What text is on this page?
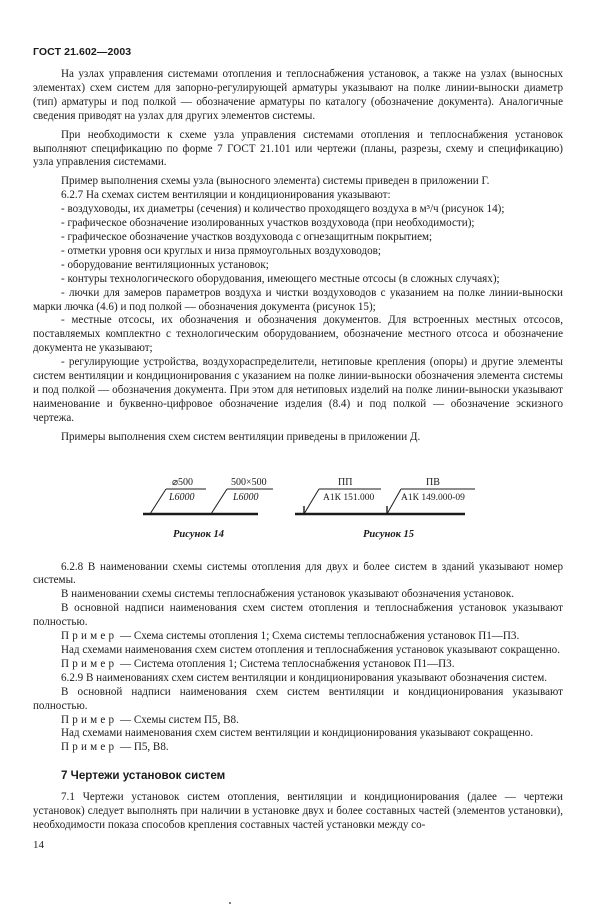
ГОСТ 21.602—2003

На узлах управления системами отопления и теплоснабжения установок, а также на узлах (выносных элементах) схем систем для запорно-регулирующей арматуры указывают на полке линии-выноски диаметр (тип) арматуры и под полкой — обозначение арматуры по каталогу (обозначение документа). Аналогичные сведения приводят на узлах для других элементов системы.

При необходимости к схеме узла управления системами отопления и теплоснабжения установок выполняют спецификацию по форме 7 ГОСТ 21.101 или чертежи (планы, разрезы, схему и спецификацию) узла управления системами.

Пример выполнения схемы узла (выносного элемента) системы приведен в приложении Г.

6.2.7 На схемах систем вентиляции и кондиционирования указывают:

- воздуховоды, их диаметры (сечения) и количество проходящего воздуха в м³/ч (рисунок 14);

- графическое обозначение изолированных участков воздуховода (при необходимости);

- графическое обозначение участков воздуховода с огнезащитным покрытием;

- отметки уровня оси круглых и низа прямоугольных воздуховодов;

- оборудование вентиляционных установок;

- контуры технологического оборудования, имеющего местные отсосы (в сложных случаях);

- лючки для замеров параметров воздуха и чистки воздуховодов с указанием на полке линии-выноски марки лючка (4.6) и под полкой — обозначения документа (рисунок 15);

- местные отсосы, их обозначения и обозначения документов. Для встроенных местных отсосов, поставляемых комплектно с технологическим оборудованием, обозначение местного отсоса и обозначение документа не указывают;

- регулирующие устройства, воздухораспределители, нетиповые крепления (опоры) и другие элементы систем вентиляции и кондиционирования с указанием на полке линии-выноски обозначения элемента системы и под полкой — обозначения документа. При этом для нетиповых изделий на полке линии-выноски указывают наименование и буквенно-цифровое обозначение изделия (8.4) и под полкой — обозначение эскизного чертежа.

Примеры выполнения схем систем вентиляции приведены в приложении Д.

⌀500
L6000
500×500
L6000
Рисунок 14
ПП
А1К 151.000
ПВ
А1К 149.000-09
Рисунок 15

6.2.8 В наименовании схемы системы отопления для двух и более систем в зданий указывают номер системы.

В наименовании схемы системы теплоснабжения установок указывают обозначения установок.

В основной надписи наименования схем систем отопления и теплоснабжения установок указывают полностью.

Пример — Схема системы отопления 1; Схема системы теплоснабжения установок П1—П3.

Над схемами наименования схем систем отопления и теплоснабжения установок указывают сокращенно.

Пример — Система отопления 1; Система теплоснабжения установок П1—П3.

6.2.9 В наименованиях схем систем вентиляции и кондиционирования указывают обозначения систем.

В основной надписи наименования схем систем вентиляции и кондиционирования указывают полностью.

Пример — Схемы систем П5, В8.

Над схемами наименования схем систем вентиляции и кондиционирования указывают сокращенно.

Пример — П5, В8.

7 Чертежи установок систем

7.1 Чертежи установок систем отопления, вентиляции и кондиционирования (далее — чертежи установок) следует выполнять при наличии в установке двух и более составных частей (элементов установки), необходимости показа способов крепления составных частей установки между со-

14
